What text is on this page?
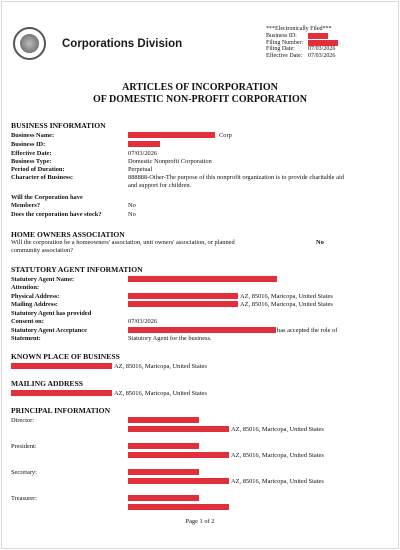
Corporations Division
***Electronically Filed***
Business ID:
Filing Number:
Filing Date:	07/03/2026
Effective Date: 07/03/2026
ARTICLES OF INCORPORATION
OF DOMESTIC NON-PROFIT CORPORATION
BUSINESS INFORMATION
Business Name:	Corp
Business ID:
Effective Date:	07/03/2026
Business Type:	Domestic Nonprofit Corporation
Period of Duration:	Perpetual
Character of Business:	888888-Other-The purpose of this nonprofit organization is to provide charitable aid
and support for children.
Will the Corporation have
Members?	No
Does the corporation have stock?	No
HOME OWNERS ASSOCIATION
Will the corporation be a homeowners' association, unit owners' association, or planned
community association?
No
STATUTORY AGENT INFORMATION
Statutory Agent Name:
Attention:
Physical Address:	AZ, 85016, Maricopa, United States
Mailing Address:	AZ, 85016, Maricopa, United States
Statutory Agent has provided
Consent on:	07/03/2026
Statutory Agent Acceptance	has accepted the role of
Statement:	Statutory Agent for the business.
KNOWN PLACE OF BUSINESS
AZ, 85016, Maricopa, United States
MAILING ADDRESS
AZ, 85016, Maricopa, United States
PRINCIPAL INFORMATION
Director:
AZ, 85016, Maricopa, United States
President:
AZ, 85016, Maricopa, United States
Secretary:
AZ, 85016, Maricopa, United States
Treasurer:
Page 1 of 2
